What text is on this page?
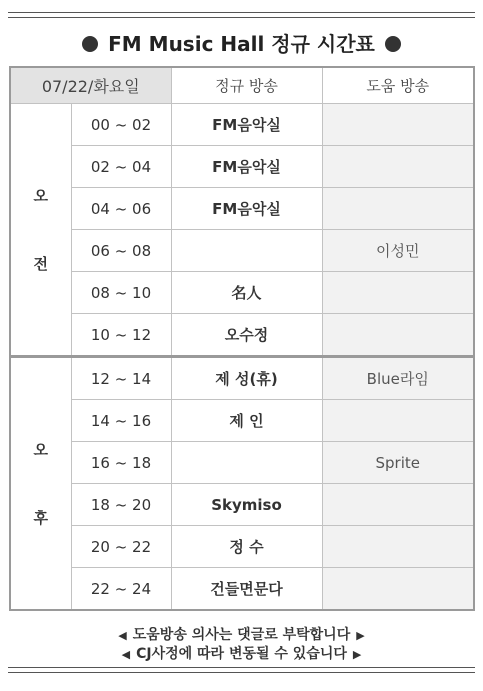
FM Music Hall 정규 시간표
07/22/화요일		정규 방송	도움 방송
오
전	00 ~ 02	FM음악실	
	02 ~ 04	FM음악실	
	04 ~ 06	FM음악실	
	06 ~ 08		이성민
	08 ~ 10	名人	
	10 ~ 12	오수정	
오
후	12 ~ 14	제 성(휴)	Blue라임
	14 ~ 16	제 인	
	16 ~ 18		Sprite
	18 ~ 20	Skymiso	
	20 ~ 22	정 수	
	22 ~ 24	건들면문다	
◀ 도움방송 의사는 댓글로 부탁합니다 ▶
◀ CJ사정에 따라 변동될 수 있습니다 ▶
